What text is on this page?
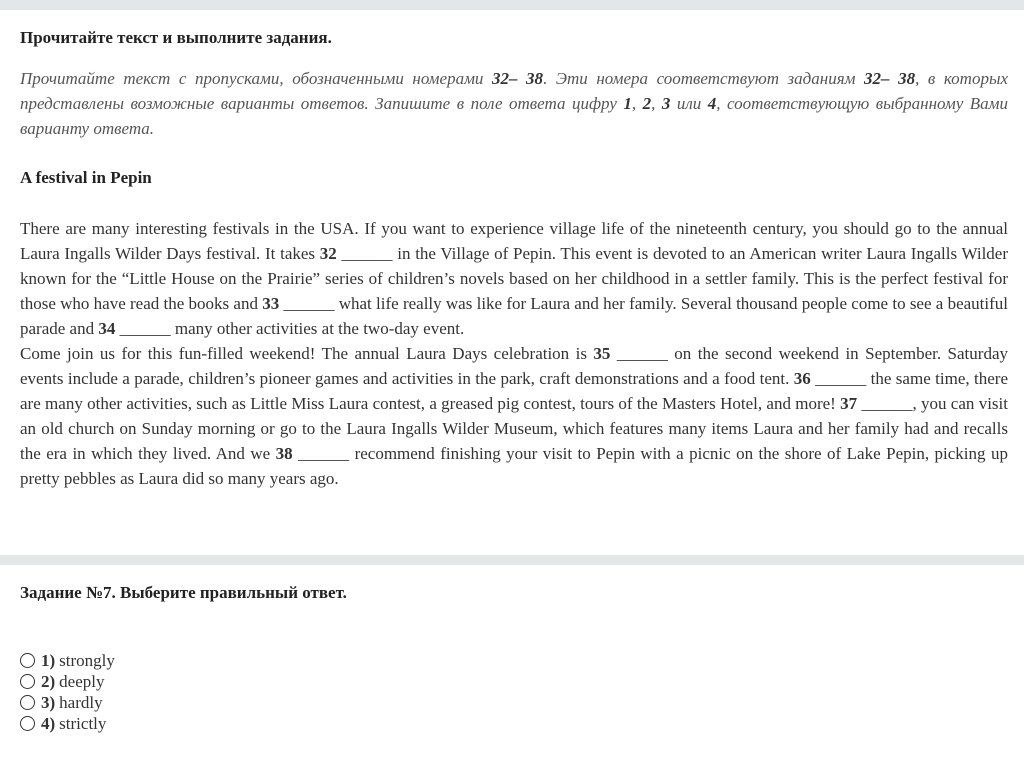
Прочитайте текст и выполните задания.
Прочитайте текст с пропусками, обозначенными номерами 32– 38. Эти номера соответствуют заданиям 32– 38, в которых представлены возможные варианты ответов. Запишите в поле ответа цифру 1, 2, 3 или 4, соответствующую выбранному Вами варианту ответа.
A festival in Pepin

There are many interesting festivals in the USA. If you want to experience village life of the nineteenth century, you should go to the annual Laura Ingalls Wilder Days festival. It takes 32 ______ in the Village of Pepin. This event is devoted to an American writer Laura Ingalls Wilder known for the “Little House on the Prairie” series of children’s novels based on her childhood in a settler family. This is the perfect festival for those who have read the books and 33 ______ what life really was like for Laura and her family. Several thousand people come to see a beautiful parade and 34 ______ many other activities at the two-day event.

Come join us for this fun-filled weekend! The annual Laura Days celebration is 35 ______ on the second weekend in September. Saturday events include a parade, children’s pioneer games and activities in the park, craft demonstrations and a food tent. 36 ______ the same time, there are many other activities, such as Little Miss Laura contest, a greased pig contest, tours of the Masters Hotel, and more! 37 ______, you can visit an old church on Sunday morning or go to the Laura Ingalls Wilder Museum, which features many items Laura and her family had and recalls the era in which they lived. And we 38 ______ recommend finishing your visit to Pepin with a picnic on the shore of Lake Pepin, picking up pretty pebbles as Laura did so many years ago.

Задание №7. Выберите правильный ответ.
1) strongly
2) deeply
3) hardly
4) strictly
